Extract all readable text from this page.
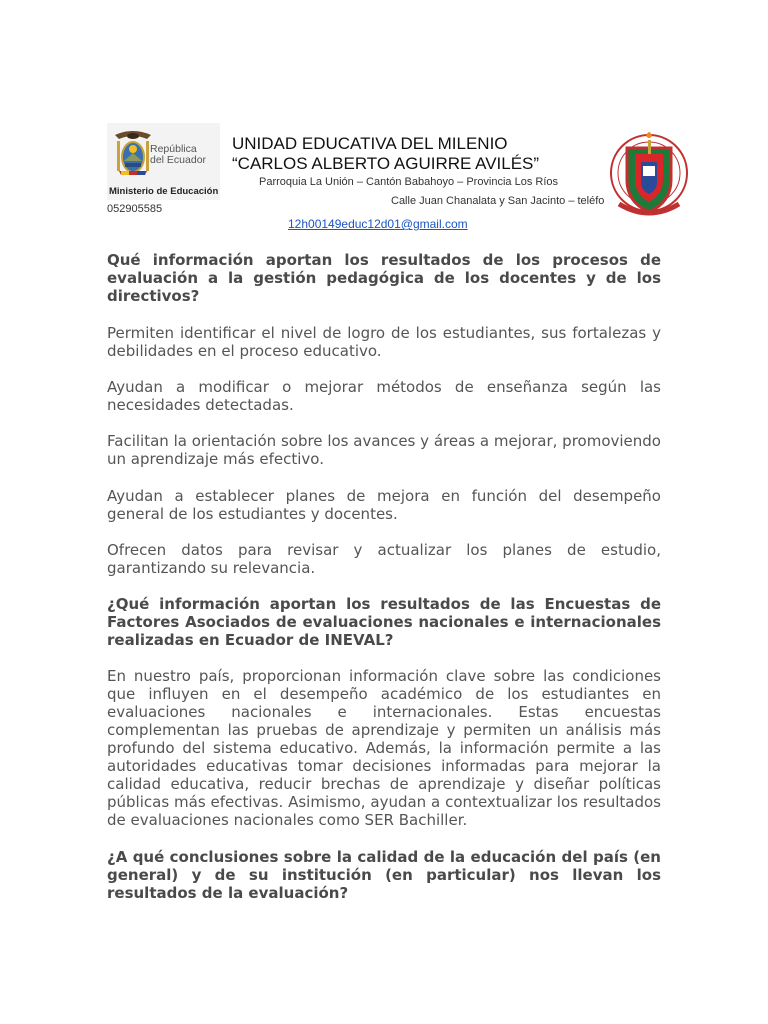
República
del Ecuador
Ministerio de Educación
052905585
UNIDAD EDUCATIVA DEL MILENIO
“CARLOS ALBERTO AGUIRRE AVILÉS”
Parroquia La Unión – Cantón Babahoyo – Provincia Los Ríos
Calle Juan Chanalata y San Jacinto – teléfo
12h00149educ12d01@gmail.com
Qué información aportan los resultados de los procesos de evaluación a la gestión pedagógica de los docentes y de los directivos?
Permiten identificar el nivel de logro de los estudiantes, sus fortalezas y debilidades en el proceso educativo.
Ayudan a modificar o mejorar métodos de enseñanza según las necesidades detectadas.
Facilitan la orientación sobre los avances y áreas a mejorar, promoviendo un aprendizaje más efectivo.
Ayudan a establecer planes de mejora en función del desempeño general de los estudiantes y docentes.
Ofrecen datos para revisar y actualizar los planes de estudio, garantizando su relevancia.
¿Qué información aportan los resultados de las Encuestas de Factores Asociados de evaluaciones nacionales e internacionales realizadas en Ecuador de INEVAL?
En nuestro país, proporcionan información clave sobre las condiciones que influyen en el desempeño académico de los estudiantes en evaluaciones nacionales e internacionales. Estas encuestas complementan las pruebas de aprendizaje y permiten un análisis más profundo del sistema educativo. Además, la información permite a las autoridades educativas tomar decisiones informadas para mejorar la calidad educativa, reducir brechas de aprendizaje y diseñar políticas públicas más efectivas. Asimismo, ayudan a contextualizar los resultados de evaluaciones nacionales como SER Bachiller.
¿A qué conclusiones sobre la calidad de la educación del país (en general) y de su institución (en particular) nos llevan los resultados de la evaluación?
